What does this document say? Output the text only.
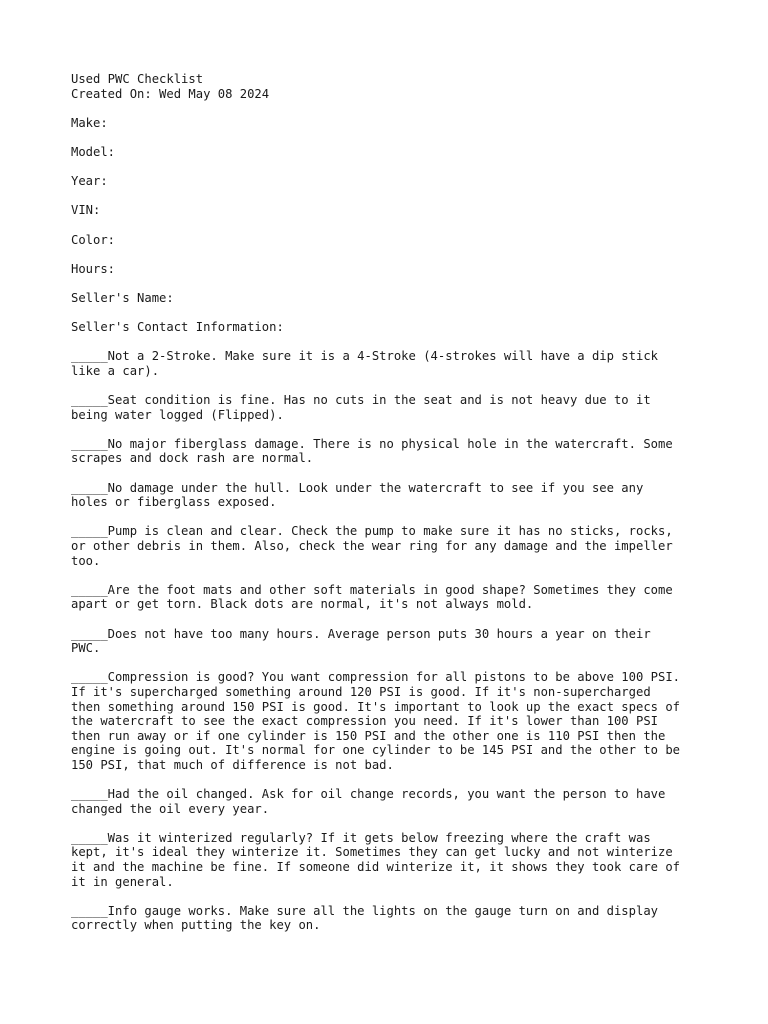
Used PWC Checklist
Created On: Wed May 08 2024
Make:
Model:
Year:
VIN:
Color:
Hours:
Seller's Name:
Seller's Contact Information:
_____Not a 2-Stroke. Make sure it is a 4-Stroke (4-strokes will have a dip stick
like a car).
_____Seat condition is fine. Has no cuts in the seat and is not heavy due to it
being water logged (Flipped).
_____No major fiberglass damage. There is no physical hole in the watercraft. Some
scrapes and dock rash are normal.
_____No damage under the hull. Look under the watercraft to see if you see any
holes or fiberglass exposed.
_____Pump is clean and clear. Check the pump to make sure it has no sticks, rocks,
or other debris in them. Also, check the wear ring for any damage and the impeller
too.
_____Are the foot mats and other soft materials in good shape? Sometimes they come
apart or get torn. Black dots are normal, it's not always mold.
_____Does not have too many hours. Average person puts 30 hours a year on their
PWC.
_____Compression is good? You want compression for all pistons to be above 100 PSI.
If it's supercharged something around 120 PSI is good. If it's non-supercharged
then something around 150 PSI is good. It's important to look up the exact specs of
the watercraft to see the exact compression you need. If it's lower than 100 PSI
then run away or if one cylinder is 150 PSI and the other one is 110 PSI then the
engine is going out. It's normal for one cylinder to be 145 PSI and the other to be
150 PSI, that much of difference is not bad.
_____Had the oil changed. Ask for oil change records, you want the person to have
changed the oil every year.
_____Was it winterized regularly? If it gets below freezing where the craft was
kept, it's ideal they winterize it. Sometimes they can get lucky and not winterize
it and the machine be fine. If someone did winterize it, it shows they took care of
it in general.
_____Info gauge works. Make sure all the lights on the gauge turn on and display
correctly when putting the key on.
